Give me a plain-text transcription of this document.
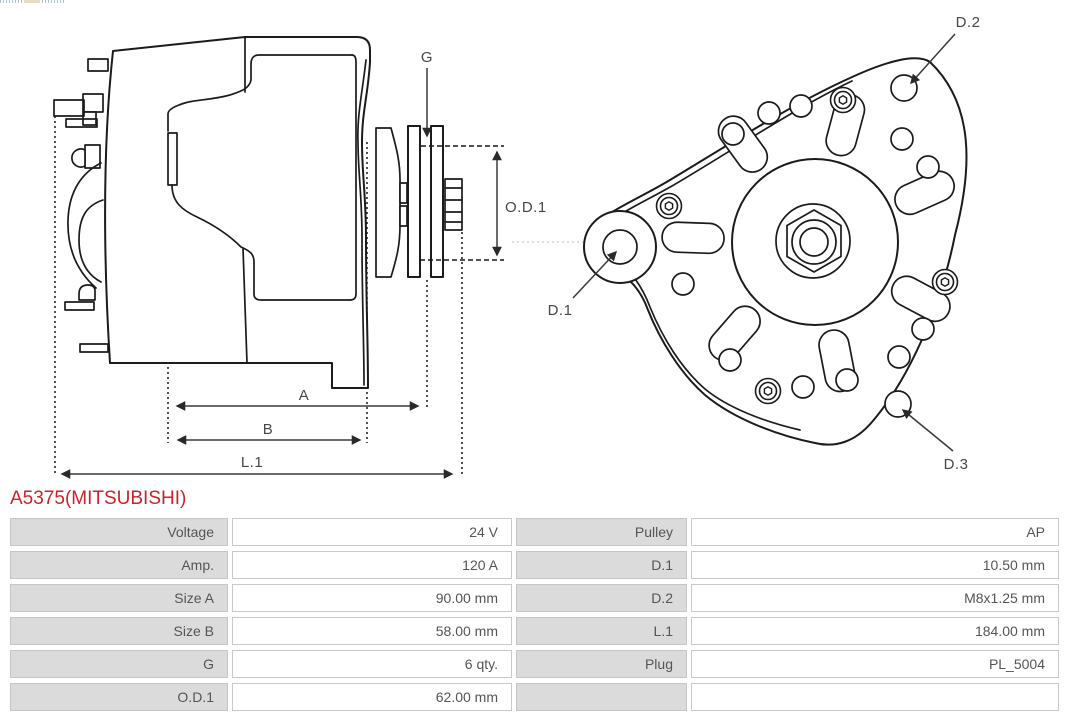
G
O.D.1
A
B
L.1
D.2
D.1
D.3
A5375(MITSUBISHI)
Voltage	24 V	Pulley	AP
Amp.	120 A	D.1	10.50 mm
Size A	90.00 mm	D.2	M8x1.25 mm
Size B	58.00 mm	L.1	184.00 mm
G	6 qty.	Plug	PL_5004
O.D.1	62.00 mm
